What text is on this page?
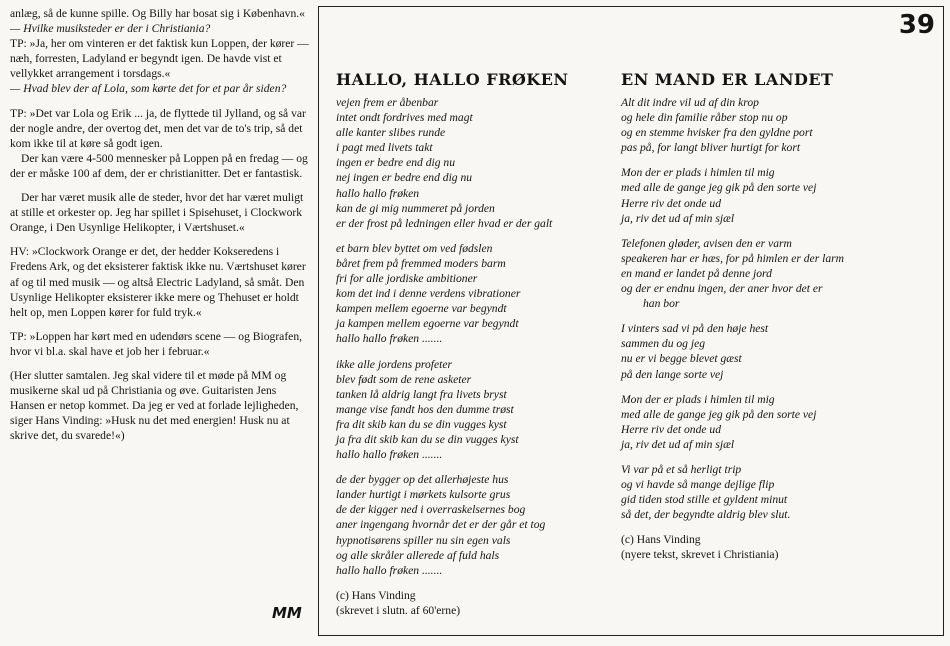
anlæg, så de kunne spille. Og Billy har bosat sig i København.«

— Hvilke musiksteder er der i Christiania?

TP: »Ja, her om vinteren er det faktisk kun Loppen, der kører — næh, forresten, Ladyland er begyndt igen. De havde vist et vellykket arrangement i torsdags.«

— Hvad blev der af Lola, som kørte det for et par år siden?

TP: »Det var Lola og Erik ... ja, de flyttede til Jylland, og så var der nogle andre, der overtog det, men det var de to's trip, så det kom ikke til at køre så godt igen.

Der kan være 4-500 mennesker på Loppen på en fredag — og der er måske 100 af dem, der er christianitter. Det er fantastisk.

Der har været musik alle de steder, hvor det har været muligt at stille et orkester op. Jeg har spillet i Spisehuset, i Clockwork Orange, i Den Usynlige Helikopter, i Værtshuset.«

HV: »Clockwork Orange er det, der hedder Kokseredens i Fredens Ark, og det eksisterer faktisk ikke nu. Værtshuset kører af og til med musik — og altså Electric Ladyland, så småt. Den Usynlige Helikopter eksisterer ikke mere og Thehuset er holdt helt op, men Loppen kører for fuld tryk.«

TP: »Loppen har kørt med en udendørs scene — og Biografen, hvor vi bl.a. skal have et job her i februar.«

(Her slutter samtalen. Jeg skal videre til et møde på MM og musikerne skal ud på Christiania og øve. Guitaristen Jens Hansen er netop kommet. Da jeg er ved at forlade lejligheden, siger Hans Vinding: »Husk nu det med energien! Husk nu at skrive det, du svarede!«)

MM
39
HALLO, HALLO FRØKEN
vejen frem er åbenbar
intet ondt fordrives med magt
alle kanter slibes runde
i pagt med livets takt
ingen er bedre end dig nu
nej ingen er bedre end dig nu
hallo hallo frøken
kan de gi mig nummeret på jorden
er der frost på ledningen eller hvad er der galt
et barn blev byttet om ved fødslen
båret frem på fremmed moders barm
fri for alle jordiske ambitioner
kom det ind i denne verdens vibrationer
kampen mellem egoerne var begyndt
ja kampen mellem egoerne var begyndt
hallo hallo frøken .......
ikke alle jordens profeter
blev født som de rene asketer
tanken lå aldrig langt fra livets bryst
mange vise fandt hos den dumme trøst
fra dit skib kan du se din vugges kyst
ja fra dit skib kan du se din vugges kyst
hallo hallo frøken .......
de der bygger op det allerhøjeste hus
lander hurtigt i mørkets kulsorte grus
de der kigger ned i overraskelsernes bog
aner ingengang hvornår det er der går et tog
hypnotisørens spiller nu sin egen vals
og alle skråler allerede af fuld hals
hallo hallo frøken .......
(c) Hans Vinding
(skrevet i slutn. af 60'erne)
EN MAND ER LANDET
Alt dit indre vil ud af din krop
og hele din familie råber stop nu op
og en stemme hvisker fra den gyldne port
pas på, for langt bliver hurtigt for kort
Mon der er plads i himlen til mig
med alle de gange jeg gik på den sorte vej
Herre riv det onde ud
ja, riv det ud af min sjæl
Telefonen gløder, avisen den er varm
speakeren har er hæs, for på himlen er der larm
en mand er landet på denne jord
og der er endnu ingen, der aner hvor det er
han bor
I vinters sad vi på den høje hest
sammen du og jeg
nu er vi begge blevet gæst
på den lange sorte vej
Mon der er plads i himlen til mig
med alle de gange jeg gik på den sorte vej
Herre riv det onde ud
ja, riv det ud af min sjæl
Vi var på et så herligt trip
og vi havde så mange dejlige flip
gid tiden stod stille et gyldent minut
så det, der begyndte aldrig blev slut.
(c) Hans Vinding
(nyere tekst, skrevet i Christiania)
